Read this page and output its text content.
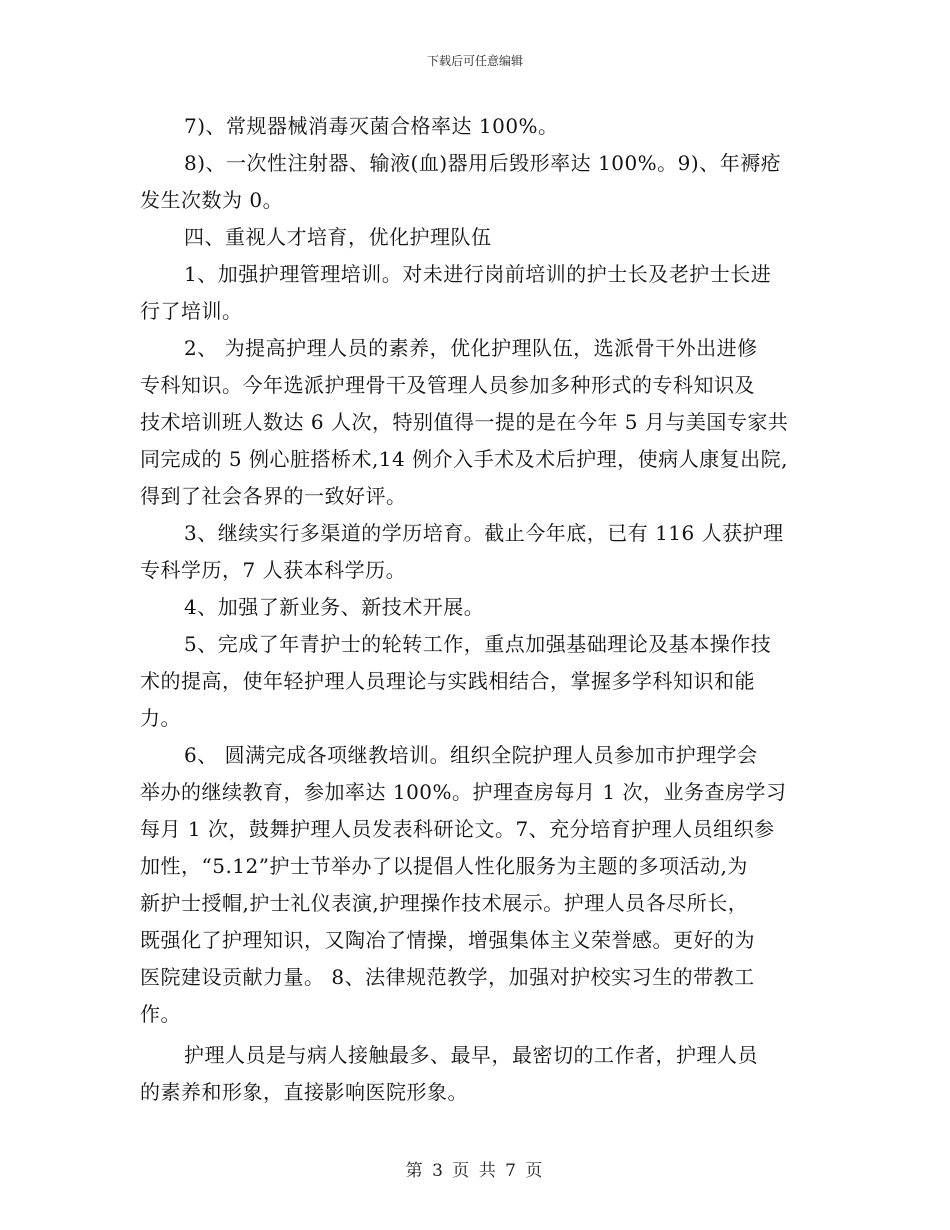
下载后可任意编辑

7)、常规器械消毒灭菌合格率达 100%。

8)、一次性注射器、输液(血)器用后毁形率达 100%。9)、年褥疮

发生次数为 0。

四、重视人才培育，优化护理队伍

1、加强护理管理培训。对未进行岗前培训的护士长及老护士长进

行了培训。

2、 为提高护理人员的素养，优化护理队伍，选派骨干外出进修

专科知识。今年选派护理骨干及管理人员参加多种形式的专科知识及

技术培训班人数达 6 人次，特别值得一提的是在今年 5 月与美国专家共

同完成的 5 例心脏搭桥术,14 例介入手术及术后护理，使病人康复出院,

得到了社会各界的一致好评。

3、继续实行多渠道的学历培育。截止今年底，已有 116 人获护理

专科学历，7 人获本科学历。

4、加强了新业务、新技术开展。

5、完成了年青护士的轮转工作，重点加强基础理论及基本操作技

术的提高，使年轻护理人员理论与实践相结合，掌握多学科知识和能

力。

6、 圆满完成各项继教培训。组织全院护理人员参加市护理学会

举办的继续教育，参加率达 100%。护理查房每月 1 次，业务查房学习

每月 1 次，鼓舞护理人员发表科研论文。7、充分培育护理人员组织参

加性，“5.12”护士节举办了以提倡人性化服务为主题的多项活动,为

新护士授帽,护士礼仪表演,护理操作技术展示。护理人员各尽所长，

既强化了护理知识，又陶冶了情操，增强集体主义荣誉感。更好的为

医院建设贡献力量。 8、法律规范教学，加强对护校实习生的带教工

作。

护理人员是与病人接触最多、最早，最密切的工作者，护理人员

的素养和形象，直接影响医院形象。

第 3 页 共 7 页
